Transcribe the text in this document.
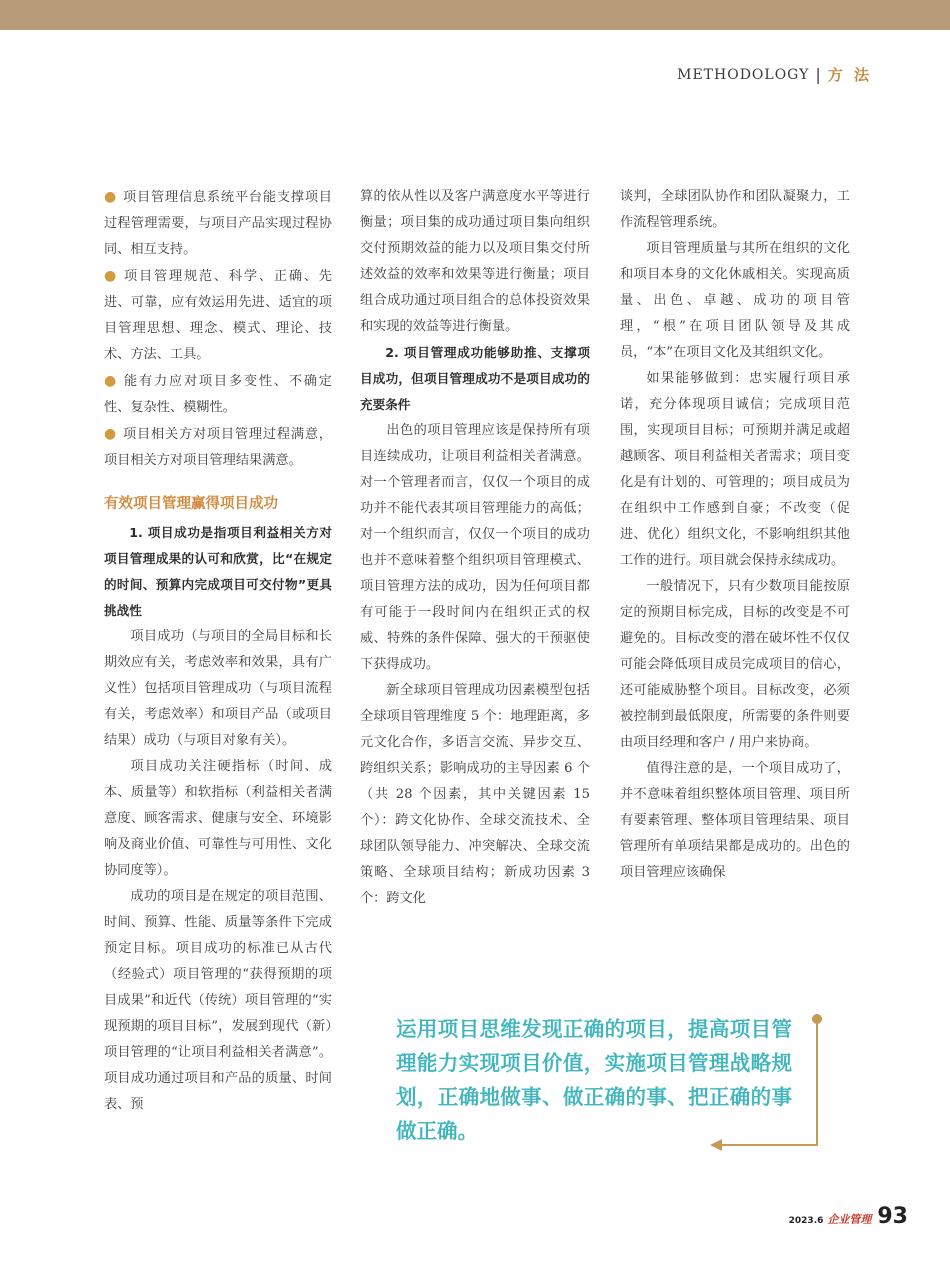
METHODOLOGY | 方 法

● 项目管理信息系统平台能支撑项目过程管理需要，与项目产品实现过程协同、相互支持。

● 项目管理规范、科学、正确、先进、可靠，应有效运用先进、适宜的项目管理思想、理念、模式、理论、技术、方法、工具。

● 能有力应对项目多变性、不确定性、复杂性、模糊性。

● 项目相关方对项目管理过程满意，项目相关方对项目管理结果满意。

有效项目管理赢得项目成功

1. 项目成功是指项目利益相关方对项目管理成果的认可和欣赏，比“在规定的时间、预算内完成项目可交付物”更具挑战性

项目成功（与项目的全局目标和长期效应有关，考虑效率和效果，具有广义性）包括项目管理成功（与项目流程有关，考虑效率）和项目产品（或项目结果）成功（与项目对象有关）。

项目成功关注硬指标（时间、成本、质量等）和软指标（利益相关者满意度、顾客需求、健康与安全、环境影响及商业价值、可靠性与可用性、文化协同度等）。

成功的项目是在规定的项目范围、时间、预算、性能、质量等条件下完成预定目标。项目成功的标准已从古代（经验式）项目管理的“获得预期的项目成果”和近代（传统）项目管理的“实现预期的项目目标”，发展到现代（新）项目管理的“让项目利益相关者满意”。项目成功通过项目和产品的质量、时间表、预

算的依从性以及客户满意度水平等进行衡量；项目集的成功通过项目集向组织交付预期效益的能力以及项目集交付所述效益的效率和效果等进行衡量；项目组合成功通过项目组合的总体投资效果和实现的效益等进行衡量。

2. 项目管理成功能够助推、支撑项目成功，但项目管理成功不是项目成功的充要条件

出色的项目管理应该是保持所有项目连续成功，让项目利益相关者满意。对一个管理者而言，仅仅一个项目的成功并不能代表其项目管理能力的高低；对一个组织而言，仅仅一个项目的成功也并不意味着整个组织项目管理模式、项目管理方法的成功，因为任何项目都有可能于一段时间内在组织正式的权威、特殊的条件保障、强大的干预驱使下获得成功。

新全球项目管理成功因素模型包括全球项目管理维度 5 个：地理距离，多元文化合作，多语言交流、异步交互、跨组织关系；影响成功的主导因素 6 个（共 28 个因素，其中关键因素 15 个）：跨文化协作、全球交流技术、全球团队领导能力、冲突解决、全球交流策略、全球项目结构；新成功因素 3 个：跨文化

谈判，全球团队协作和团队凝聚力，工作流程管理系统。

项目管理质量与其所在组织的文化和项目本身的文化休戚相关。实现高质量、出色、卓越、成功的项目管理，“根”在项目团队领导及其成员，“本”在项目文化及其组织文化。

如果能够做到：忠实履行项目承诺，充分体现项目诚信；完成项目范围，实现项目目标；可预期并满足或超越顾客、项目利益相关者需求；项目变化是有计划的、可管理的；项目成员为在组织中工作感到自豪；不改变（促进、优化）组织文化，不影响组织其他工作的进行。项目就会保持永续成功。

一般情况下，只有少数项目能按原定的预期目标完成，目标的改变是不可避免的。目标改变的潜在破坏性不仅仅可能会降低项目成员完成项目的信心，还可能威胁整个项目。目标改变，必须被控制到最低限度，所需要的条件则要由项目经理和客户 / 用户来协商。

值得注意的是，一个项目成功了，并不意味着组织整体项目管理、项目所有要素管理、整体项目管理结果、项目管理所有单项结果都是成功的。出色的项目管理应该确保

运用项目思维发现正确的项目，提高项目管理能力实现项目价值，实施项目管理战略规划，正确地做事、做正确的事、把正确的事做正确。
2023.6 企业管理 93
